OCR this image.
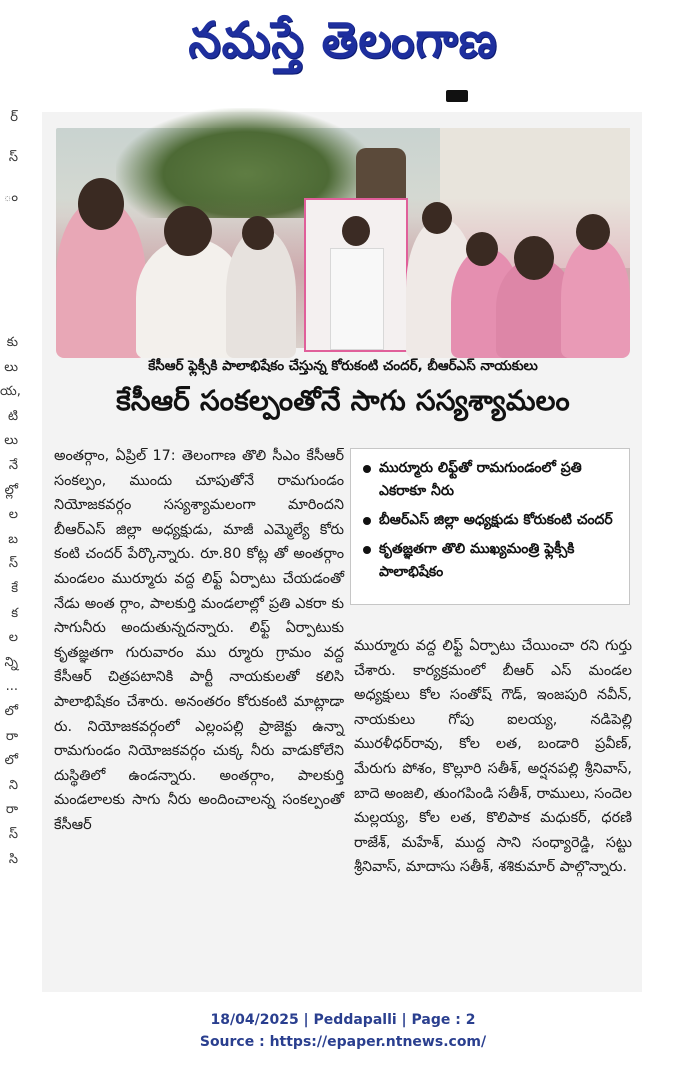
నమస్తే తెలంగాణ
ర్
స్
ం
కు
లు
య,
టి
లు
నే
ల్లో
ల
బ
స్
కే
క
ల
న్ని
...
లో
రా
లో
ని
రా
స్
సి
కేసీఆర్‌ ఫ్లెక్సీకి పాలాభిషేకం చేస్తున్న కోరుకంటి చందర్‌, బీఆర్‌ఎస్‌ నాయకులు
కేసీఆర్‌ సంకల్పంతోనే సాగు సస్యశ్యామలం

అంతర్గాం, ఏప్రిల్‌ 17: తెలంగాణ తొలి సీఎం కేసీఆర్‌ సంకల్పం, ముందు చూపుతోనే రామగుండం నియోజకవర్గం సస్యశ్యామలంగా మారిందని బీఆర్‌ఎస్‌ జిల్లా అధ్యక్షుడు, మాజీ ఎమ్మెల్యే కోరు కంటి చందర్‌ పేర్కొన్నారు. రూ.80 కోట్ల తో అంతర్గాం మండలం ముర్మూరు వద్ద లిఫ్ట్‌ ఏర్పాటు చేయడంతో నేడు అంత ర్గాం, పాలకుర్తి మండలాల్లో ప్రతి ఎకరా కు సాగునీరు అందుతున్నదన్నారు. లిఫ్ట్‌ ఏర్పాటుకు కృతజ్ఞతగా గురువారం ము ర్మూరు గ్రామం వద్ద కేసీఆర్‌ చిత్రపటానికి పార్టీ నాయకులతో కలిసి పాలాభిషేకం చేశారు. అనంతరం కోరుకంటి మాట్లాడా రు. నియోజకవర్గంలో ఎల్లంపల్లి ప్రాజెక్టు ఉన్నా రామగుండం నియోజకవర్గం చుక్క నీరు వాడుకోలేని దుస్థితిలో ఉండన్నారు. అంతర్గాం, పాలకుర్తి మండలాలకు సాగు నీరు అందించాలన్న సంకల్పంతో కేసీఆర్‌

ముర్మూరు లిఫ్ట్‌తో రామగుండంలో ప్రతి ఎకరాకూ నీరు
బీఆర్‌ఎస్‌ జిల్లా అధ్యక్షుడు కోరుకంటి చందర్‌
కృతజ్ఞతగా తొలి ముఖ్యమంత్రి ఫ్లెక్సీకి పాలాభిషేకం

ముర్మూరు వద్ద లిఫ్ట్‌ ఏర్పాటు చేయించా రని గుర్తు చేశారు. కార్యక్రమంలో బీఆర్‌ ఎస్‌ మండల అధ్యక్షులు కోల సంతోష్‌ గౌడ్‌, ఇంజపురి నవీన్‌, నాయకులు గోపు ఐలయ్య, నడిపెల్లి మురళీధర్‌రావు, కోల లత, బండారి ప్రవీణ్‌, మేరుగు పోశం, కొల్లూరి సతీశ్‌, అర్షనపల్లి శ్రీనివాస్‌, బాదె అంజలి, తుంగపిండి సతీశ్‌, రాములు, సందెల మల్లయ్య, కోల లత, కొలిపాక మధుకర్‌, ధరణి రాజేశ్‌, మహేశ్‌, ముద్ద సాని సంధ్యారెడ్డి, సట్టు శ్రీనివాస్‌, మాదాసు సతీశ్‌, శశికుమార్‌ పాల్గొన్నారు.

18/04/2025 | Peddapalli | Page : 2
Source : https://epaper.ntnews.com/
